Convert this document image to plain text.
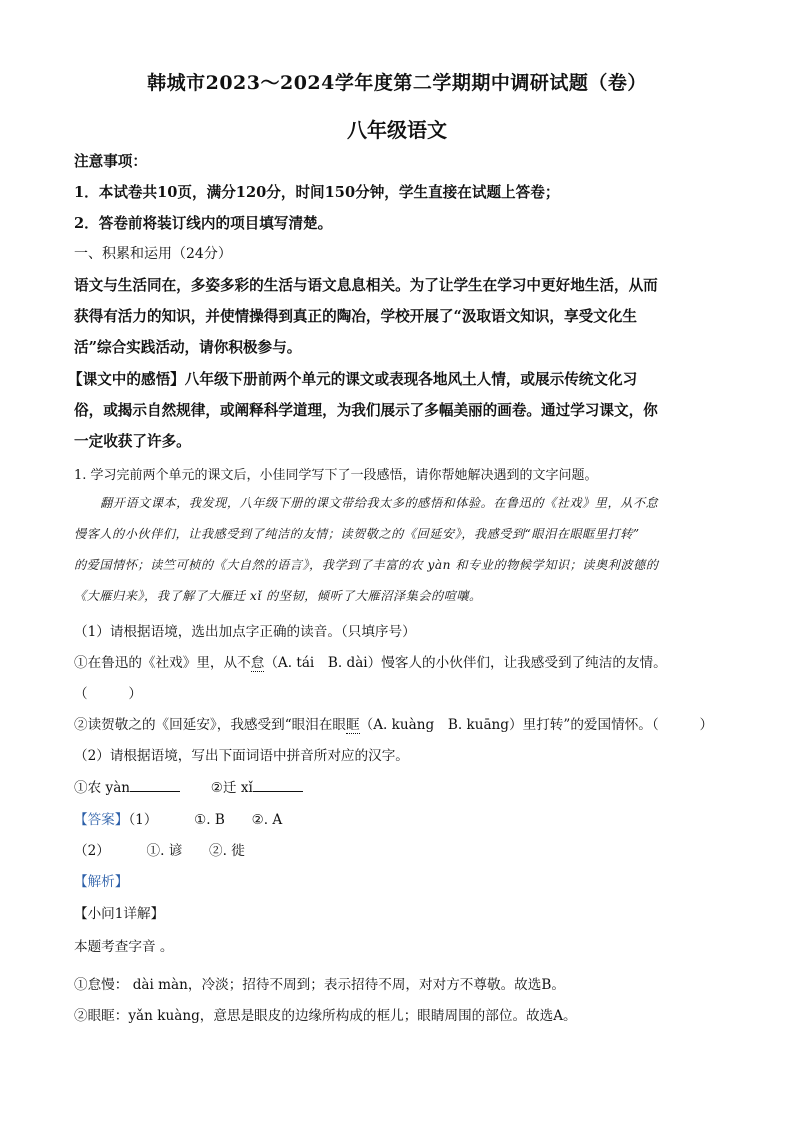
韩城市2023～2024学年度第二学期期中调研试题（卷）
八年级语文
注意事项：
1．本试卷共10页，满分120分，时间150分钟，学生直接在试题上答卷；
2．答卷前将装订线内的项目填写清楚。
一、积累和运用（24分）
语文与生活同在，多姿多彩的生活与语文息息相关。为了让学生在学习中更好地生活，从而
获得有活力的知识，并使情操得到真正的陶冶，学校开展了“汲取语文知识，享受文化生
活”综合实践活动，请你积极参与。
【课文中的感悟】八年级下册前两个单元的课文或表现各地风土人情，或展示传统文化习
俗，或揭示自然规律，或阐释科学道理，为我们展示了多幅美丽的画卷。通过学习课文，你
一定收获了许多。
1. 学习完前两个单元的课文后，小佳同学写下了一段感悟，请你帮她解决遇到的文字问题。
翻开语文课本，我发现，八年级下册的课文带给我太多的感悟和体验。在鲁迅的《社戏》里，从不怠
慢客人的小伙伴们，让我感受到了纯洁的友情；读贺敬之的《回延安》，我感受到“眼泪在眼眶里打转”
的爱国情怀；读竺可桢的《大自然的语言》，我学到了丰富的农 yàn 和专业的物候学知识；读奥利波德的
《大雁归来》，我了解了大雁迁 xǐ 的坚韧，倾听了大雁沼泽集会的喧嚷。
（1）请根据语境，选出加点字正确的读音。（只填序号）
①在鲁迅的《社戏》里，从不怠（A. tái　B. dài）慢客人的小伙伴们，让我感受到了纯洁的友情。
（　　　）
②读贺敬之的《回延安》，我感受到“眼泪在眼眶（A. kuàng　B. kuāng）里打转”的爱国情怀。（　　　）
（2）请根据语境，写出下面词语中拼音所对应的汉字。
①农 yàn	②迁 xǐ
【答案】（1）	①. B ②. A
（2）	①. 谚 ②. 徙
【解析】
【小问1详解】
本题考查字音 。
①怠慢： dài màn，冷淡；招待不周到；表示招待不周，对对方不尊敬。故选B。
②眼眶：yǎn kuàng，意思是眼皮的边缘所构成的框儿；眼睛周围的部位。故选A。
